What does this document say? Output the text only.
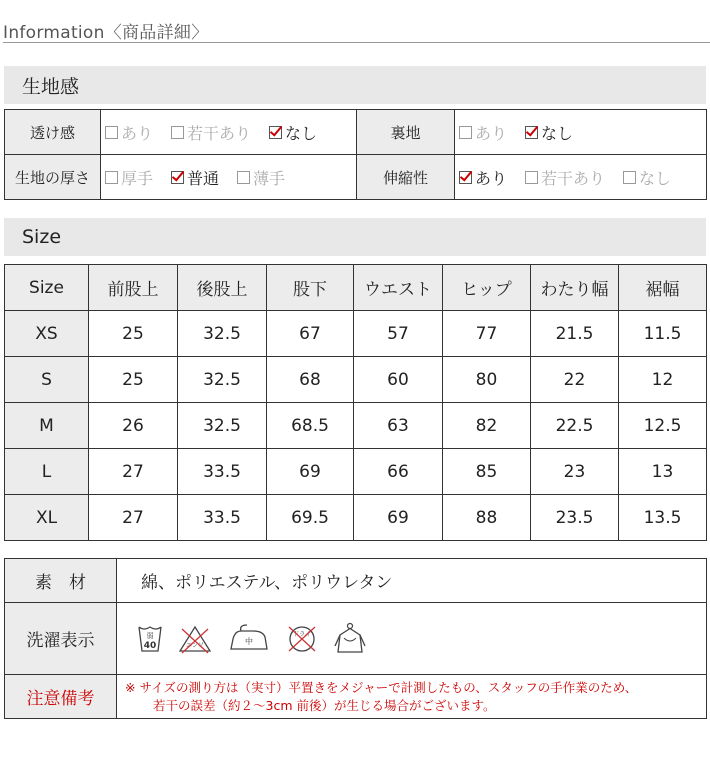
Information〈商品詳細〉
生地感
透け感	あり 若干あり なし	裏地	あり なし

生地の厚さ	厚手 普通 薄手	伸縮性	あり 若干あり なし
Size
Size	前股上	後股上	股下	ウエスト	ヒップ	わたり幅	裾幅
XS	25	32.5	67	57	77	21.5	11.5
S	25	32.5	68	60	80	22	12
M	26	32.5	68.5	63	82	22.5	12.5
L	27	33.5	69	66	85	23	13
XL	27	33.5	69.5	69	88	23.5	13.5
素　材	綿、ポリエステル、ポリウレタン
洗濯表示	弱
40 エンソ 中
ドライ

注意備考	※ サイズの測り方は（実寸）平置きをメジャーで計測したもの、スタッフの手作業のため、
若干の誤差（約２～3cm 前後）が生じる場合がございます。
